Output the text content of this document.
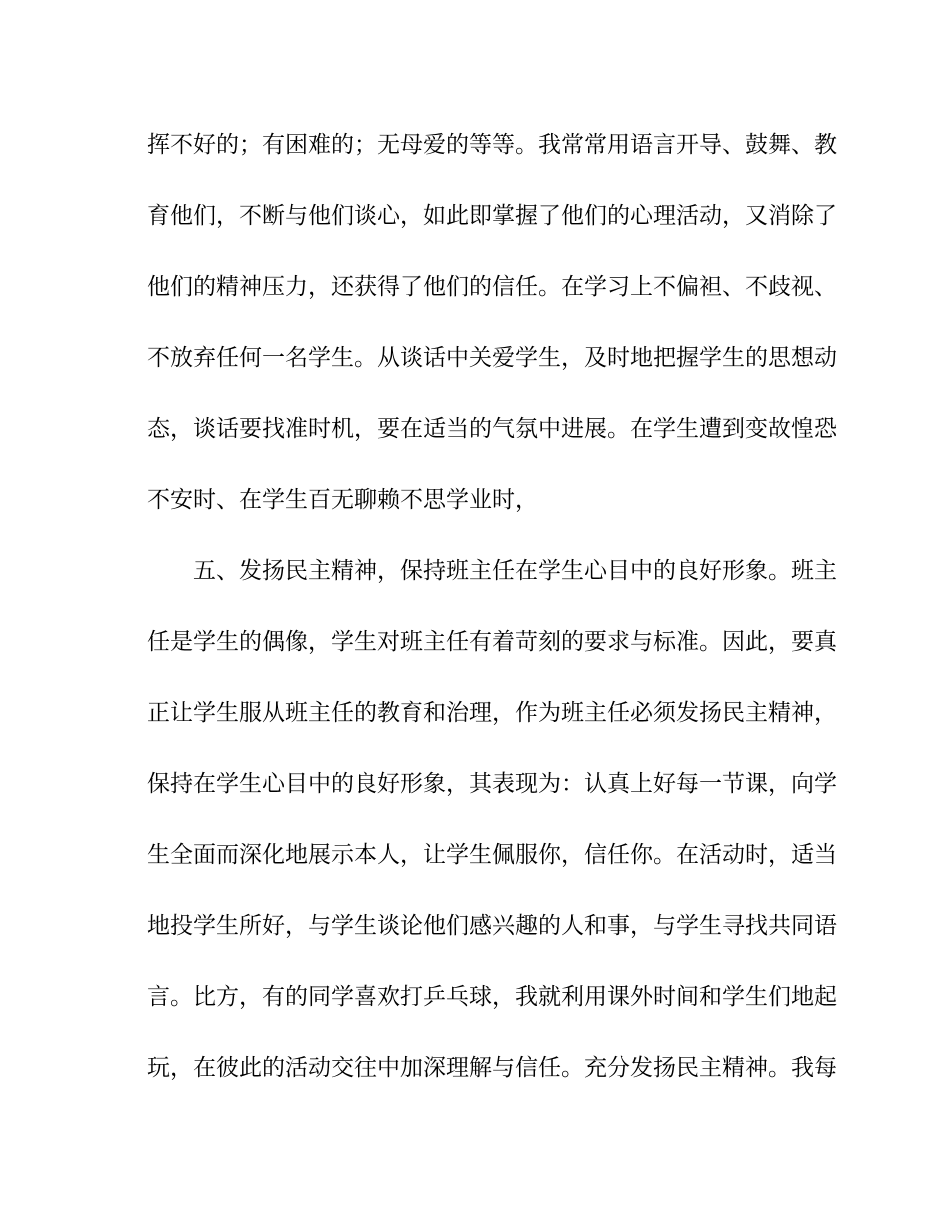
挥不好的；有困难的；无母爱的等等。我常常用语言开导、鼓舞、教
育他们，不断与他们谈心，如此即掌握了他们的心理活动，又消除了
他们的精神压力，还获得了他们的信任。在学习上不偏袒、不歧视、
不放弃任何一名学生。从谈话中关爱学生，及时地把握学生的思想动
态，谈话要找准时机，要在适当的气氛中进展。在学生遭到变故惶恐
不安时、在学生百无聊赖不思学业时，
五、发扬民主精神，保持班主任在学生心目中的良好形象。班主
任是学生的偶像，学生对班主任有着苛刻的要求与标准。因此，要真
正让学生服从班主任的教育和治理，作为班主任必须发扬民主精神，
保持在学生心目中的良好形象，其表现为：认真上好每一节课，向学
生全面而深化地展示本人，让学生佩服你，信任你。在活动时，适当
地投学生所好，与学生谈论他们感兴趣的人和事，与学生寻找共同语
言。比方，有的同学喜欢打乒乓球，我就利用课外时间和学生们地起
玩，在彼此的活动交往中加深理解与信任。充分发扬民主精神。我每
